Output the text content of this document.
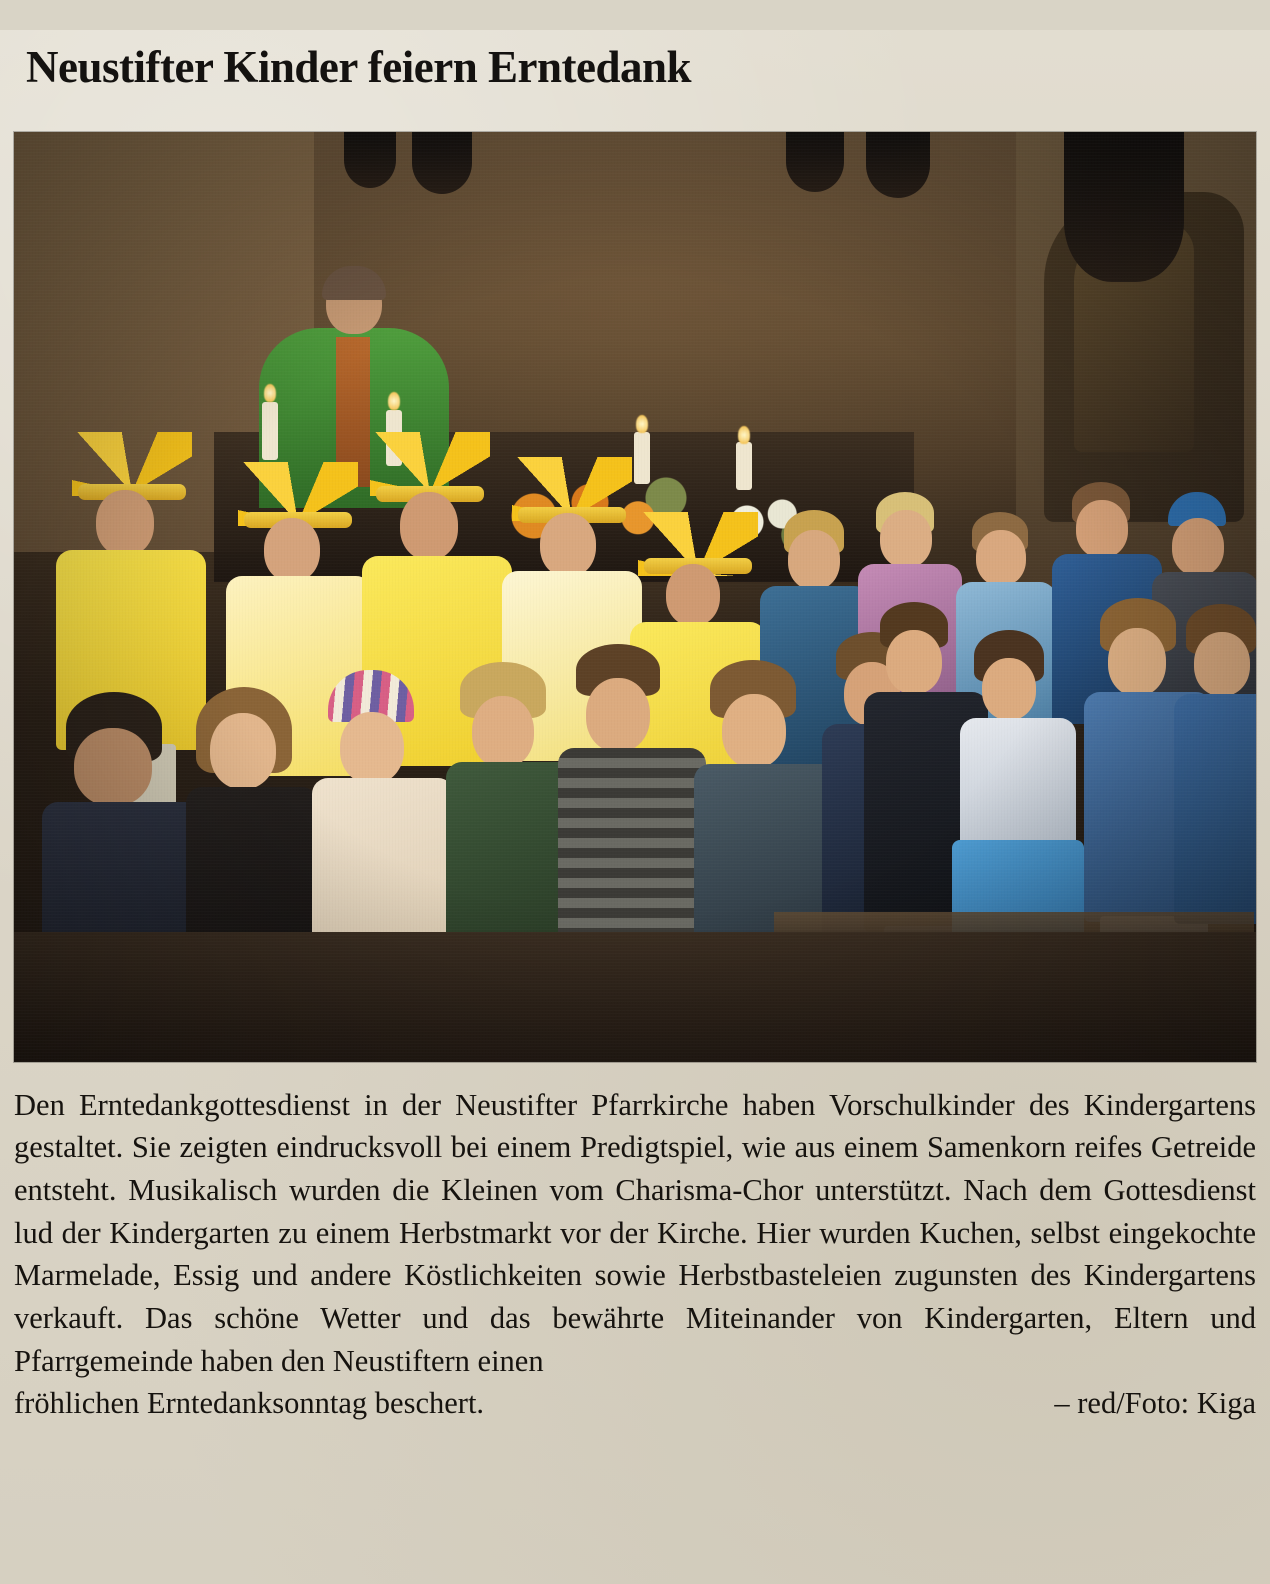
Neustifter Kinder feiern Erntedank
Den Erntedankgottesdienst in der Neustifter Pfarrkirche haben Vorschulkinder des Kindergartens gestaltet. Sie zeigten eindrucksvoll bei einem Predigtspiel, wie aus einem Samenkorn reifes Getreide entsteht. Musikalisch wurden die Kleinen vom Charisma-Chor unterstützt. Nach dem Gottesdienst lud der Kindergarten zu einem Herbstmarkt vor der Kirche. Hier wurden Kuchen, selbst eingekochte Marmelade, Essig und andere Köstlichkeiten sowie Herbstbasteleien zugunsten des Kindergartens verkauft. Das schöne Wetter und das bewährte Miteinander von Kindergarten, Eltern und Pfarrgemeinde haben den Neustiftern einen
fröhlichen Erntedanksonntag beschert.	– red/Foto: Kiga
